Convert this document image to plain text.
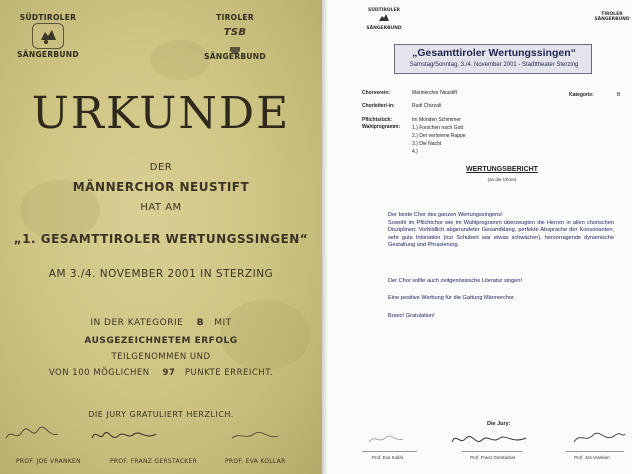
SÜDTIROLER
SÄNGERBUND
TIROLER
TSB
SÄNGERBUND
URKUNDE
DER
MÄNNERCHOR NEUSTIFT
HAT AM
„1. GESAMTTIROLER WERTUNGSSINGEN“
AM 3./4. NOVEMBER 2001 IN STERZING
IN DER KATEGORIE B MIT
AUSGEZEICHNETEM ERFOLG
TEILGENOMMEN UND
VON 100 MÖGLICHEN 97 PUNKTE ERREICHT.
DIE JURY GRATULIERT HERZLICH.
PROF. JOE VRANKEN	PROF. FRANZ GERSTACKER	PROF. EVA KOLLAR
SÜDTIROLER
SÄNGERBUND
TIROLER
SÄNGERBUND
„Gesamttiroler Wertungssingen“
Samstag/Sonntag, 3./4. November 2001 - Stadttheater Sterzing
Chorverein:	Männerchor Neustift	Kategorie:	B
Chorleiter/-in:	Rudi Chizzali
Pflichtstück:	Im Monden Schimmer
Wahlprogramm: 1.) Forschen nach Gott
2.) Der verlorene Rappe
3.) Die Nacht
4.)
WERTUNGSBERICHT
(an die Chöre)
Der beste Chor des ganzen Wertungssingens!
Sowohl im Pflichtchor wie im Wahlprogramm überzeugten die Herren in allen chorischen Disziplinen: Vorbildlich abgerundeter Gesamtklang, perfekte Absprache der Konsonanten, sehr gute Intonation (nur Schubert war etwas schwächer), hervorragende dynamische Gestaltung und Phrasierung.
Der Chor sollte auch zeitgenössische Literatur singen!
Eine positive Werbung für die Gattung Männerchor.
Bravo! Gratulation!
Die Jury:
Prof. Eva Kollár	Prof. Franz Gerstacker	Prof. Jos Vranken
